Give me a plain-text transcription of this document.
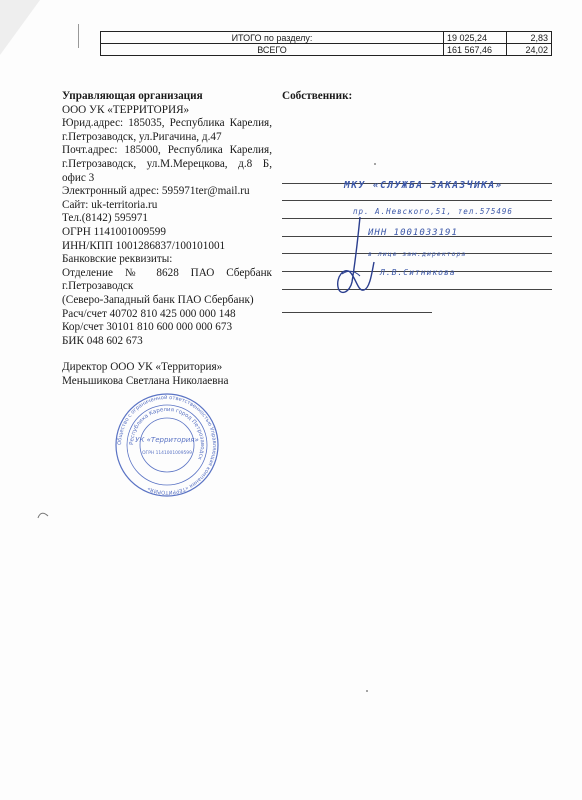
ИТОГО по разделу:	19 025,24	2,83
ВСЕГО	161 567,46	24,02
Управляющая организация
ООО УК «ТЕРРИТОРИЯ»
Юрид.адрес: 185035, Республика Карелия, г.Петрозаводск, ул.Ригачина, д.47
Почт.адрес: 185000, Республика Карелия, г.Петрозаводск, ул.М.Мерецкова, д.8 Б, офис 3
Электронный адрес: 595971ter@mail.ru
Сайт: uk-territoria.ru
Тел.(8142) 595971
ОГРН 1141001009599
ИНН/КПП 1001286837/100101001
Банковские реквизиты:
Отделение № 8628 ПАО Сбербанк г.Петрозаводск
(Северо-Западный банк ПАО Сбербанк)
Расч/счет 40702 810 425 000 000 148
Кор/счет 30101 810 600 000 000 673
БИК 048 602 673
Директор ООО УК «Территория»
Меньшикова Светлана Николаевна
Собственник:
МКУ «СЛУЖБА ЗАКАЗЧИКА»
пр. А.Невского,51, тел.575496
ИНН 1001033191
в лице зам.директора
Л.В.Ситникова
Общество с ограниченной ответственностью Управляющая компания «ТЕРРИТОРИЯ»
Республика Карелия город Петрозаводск
УК «Территория»
ОГРН 1141001009599
